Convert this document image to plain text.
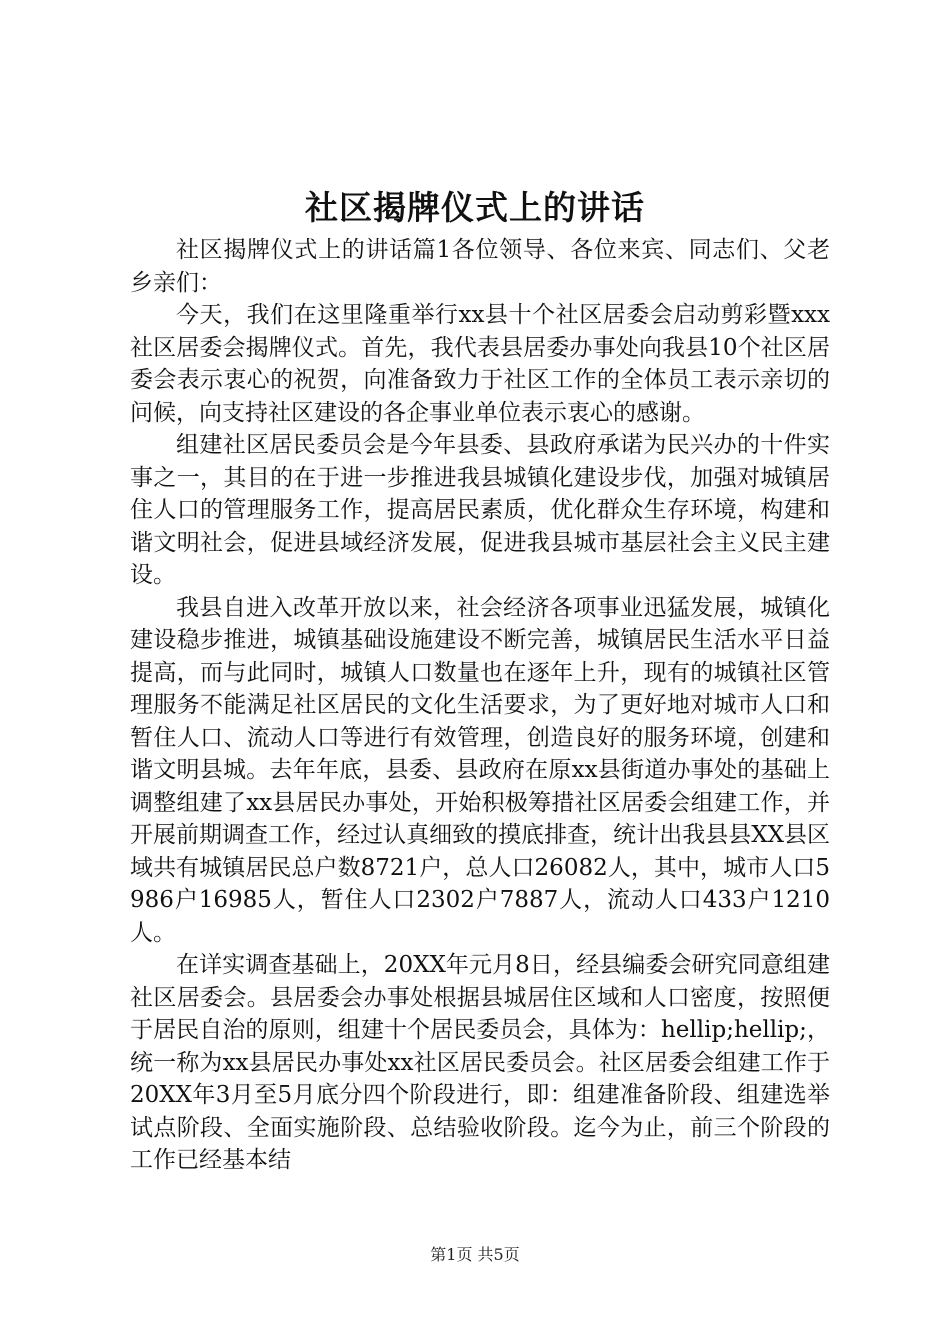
社区揭牌仪式上的讲话

社区揭牌仪式上的讲话篇1各位领导、各位来宾、同志们、父老乡亲们：

今天，我们在这里隆重举行xx县十个社区居委会启动剪彩暨xxx社区居委会揭牌仪式。首先，我代表县居委办事处向我县10个社区居委会表示衷心的祝贺，向准备致力于社区工作的全体员工表示亲切的问候，向支持社区建设的各企事业单位表示衷心的感谢。

组建社区居民委员会是今年县委、县政府承诺为民兴办的十件实事之一，其目的在于进一步推进我县城镇化建设步伐，加强对城镇居住人口的管理服务工作，提高居民素质，优化群众生存环境，构建和谐文明社会，促进县域经济发展，促进我县城市基层社会主义民主建设。

我县自进入改革开放以来，社会经济各项事业迅猛发展，城镇化建设稳步推进，城镇基础设施建设不断完善，城镇居民生活水平日益提高，而与此同时，城镇人口数量也在逐年上升，现有的城镇社区管理服务不能满足社区居民的文化生活要求，为了更好地对城市人口和暂住人口、流动人口等进行有效管理，创造良好的服务环境，创建和谐文明县城。去年年底，县委、县政府在原xx县街道办事处的基础上调整组建了xx县居民办事处，开始积极筹措社区居委会组建工作，并开展前期调查工作，经过认真细致的摸底排查，统计出我县县XX县区域共有城镇居民总户数8721户，总人口26082人，其中，城市人口5986户16985人，暂住人口2302户7887人，流动人口433户1210人。

在详实调查基础上，20XX年元月8日，经县编委会研究同意组建社区居委会。县居委会办事处根据县城居住区域和人口密度，按照便于居民自治的原则，组建十个居民委员会，具体为：hellip;hellip;，统一称为xx县居民办事处xx社区居民委员会。社区居委会组建工作于20XX年3月至5月底分四个阶段进行，即：组建准备阶段、组建选举试点阶段、全面实施阶段、总结验收阶段。迄今为止，前三个阶段的工作已经基本结

第1页 共5页
